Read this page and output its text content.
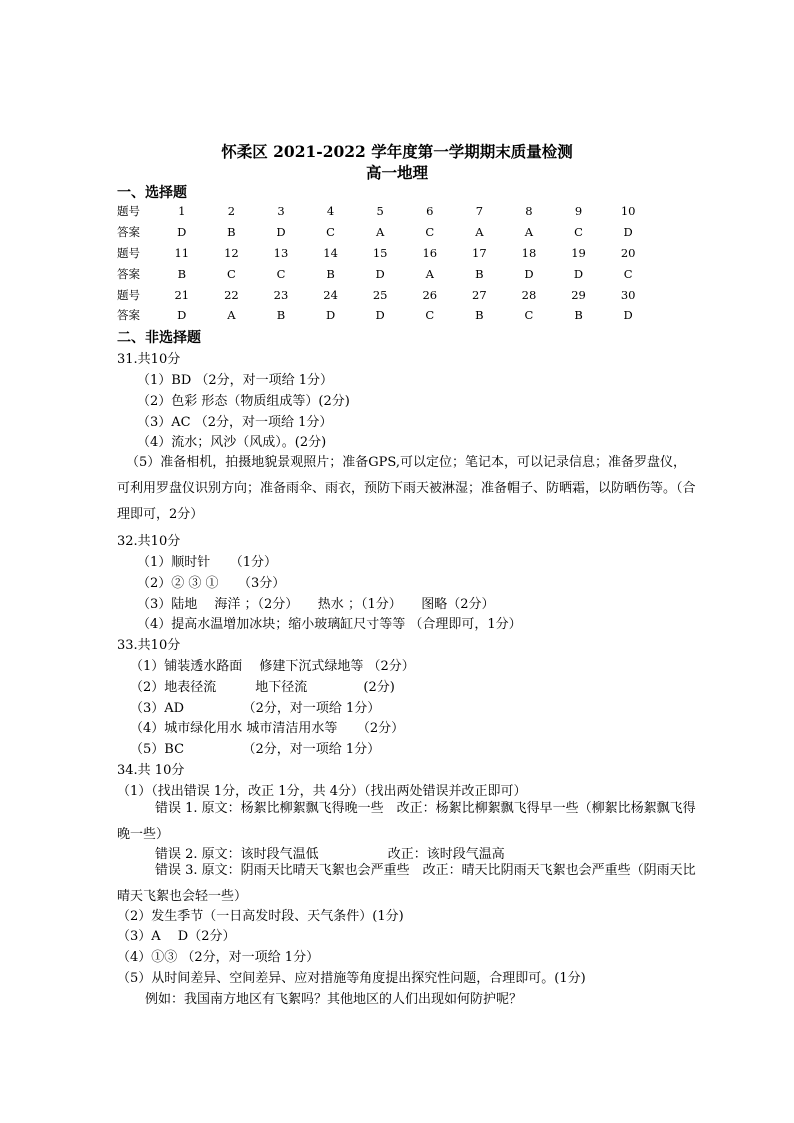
怀柔区 2021-2022 学年度第一学期期末质量检测
高一地理
一、选择题
题号	1	2	3	4	5	6	7	8	9	10
答案	D	B	D	C	A	C	A	A	C	D
题号	11	12	13	14	15	16	17	18	19	20
答案	B	C	C	B	D	A	B	D	D	C
题号	21	22	23	24	25	26	27	28	29	30
答案	D	A	B	D	D	C	B	C	B	D
二、非选择题
31.共10分
（1）BD （2分，对一项给 1分）
（2）色彩 形态（物质组成等）(2分)
（3）AC （2分，对一项给 1分）
（4）流水；风沙（风成）。(2分)
（5）准备相机，拍摄地貌景观照片；准备GPS,可以定位；笔记本，可以记录信息；准备罗盘仪，可利用罗盘仪识别方向；准备雨伞、雨衣，预防下雨天被淋湿；准备帽子、防晒霜，以防晒伤等。（合理即可，2分）
32.共10分
（1）顺时针　　（1分）
（2）② ③ ①　　（3分）
（3）陆地　 海洋 ；（2分）　　热水 ；（1分）　　图略（2分）
（4）提高水温增加冰块；缩小玻璃缸尺寸等等 （合理即可，1分）
33.共10分
（1）铺装透水路面　 修建下沉式绿地等 （2分）
（2）地表径流　　　地下径流　　　　 (2分)
（3）AD　　　　　（2分，对一项给 1分）
（4）城市绿化用水 城市清洁用水等　　（2分）
（5）BC　　　　　（2分，对一项给 1分）
34.共 10分
（1）（找出错误 1分，改正 1分，共 4分）（找出两处错误并改正即可）
错误 1. 原文：杨絮比柳絮飘飞得晚一些　改正：杨絮比柳絮飘飞得早一些（柳絮比杨絮飘飞得晚一些）
错误 2. 原文：该时段气温低　　　　　 改正：该时段气温高
错误 3. 原文：阴雨天比晴天飞絮也会严重些　改正：晴天比阴雨天飞絮也会严重些（阴雨天比晴天飞絮也会轻一些）
（2）发生季节（一日高发时段、天气条件）(1分)
（3）A　 D（2分）
（4）①③ （2分，对一项给 1分）
（5）从时间差异、空间差异、应对措施等角度提出探究性问题，合理即可。(1分)
例如：我国南方地区有飞絮吗？其他地区的人们出现如何防护呢？
